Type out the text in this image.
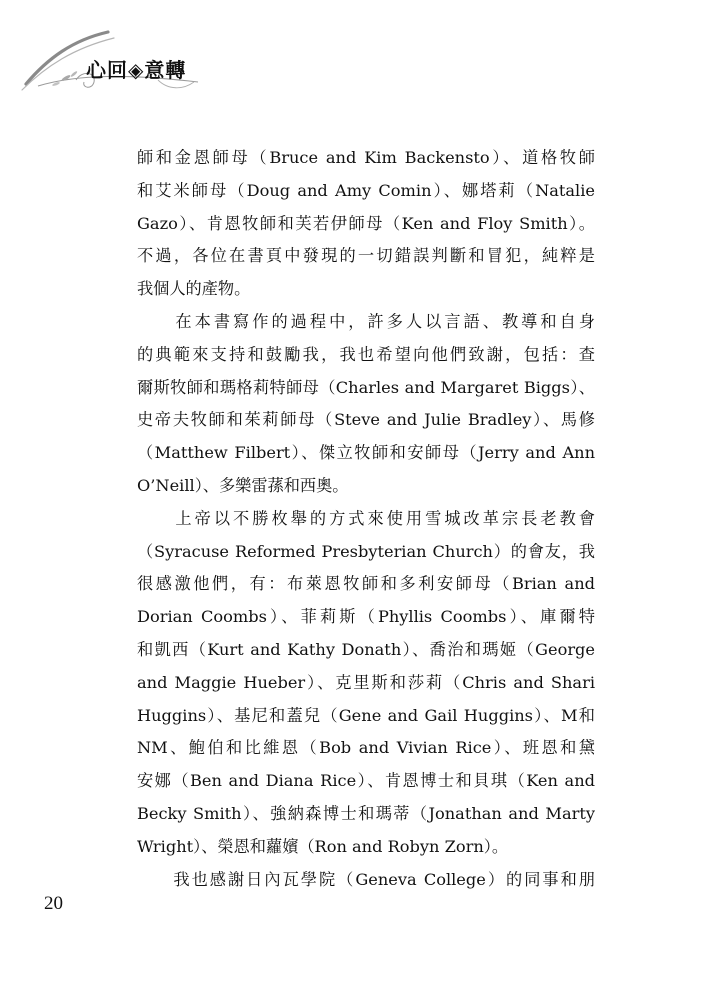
心回◈意轉
師和金恩師母（Bruce and Kim Backensto）、道格牧師
和艾米師母（Doug and Amy Comin）、娜塔莉（Natalie
Gazo）、肯恩牧師和芙若伊師母（Ken and Floy Smith）。
不過，各位在書頁中發現的一切錯誤判斷和冒犯，純粹是
我個人的產物。
　　在本書寫作的過程中，許多人以言語、教導和自身
的典範來支持和鼓勵我，我也希望向他們致謝，包括：查
爾斯牧師和瑪格莉特師母（Charles and Margaret Biggs）、
史帝夫牧師和茱莉師母（Steve and Julie Bradley）、馬修
（Matthew Filbert）、傑立牧師和安師母（Jerry and Ann
O’Neill）、多樂雷蓀和西奧。
　　上帝以不勝枚舉的方式來使用雪城改革宗長老教會
（Syracuse Reformed Presbyterian Church）的會友，我
很感激他們，有：布萊恩牧師和多利安師母（Brian and
Dorian Coombs）、菲莉斯（Phyllis Coombs）、庫爾特
和凱西（Kurt and Kathy Donath）、喬治和瑪姬（George
and Maggie Hueber）、克里斯和莎莉（Chris and Shari
Huggins）、基尼和蓋兒（Gene and Gail Huggins）、M和
NM、鮑伯和比維恩（Bob and Vivian Rice）、班恩和黛
安娜（Ben and Diana Rice）、肯恩博士和貝琪（Ken and
Becky Smith）、強納森博士和瑪蒂（Jonathan and Marty
Wright）、榮恩和蘿嬪（Ron and Robyn Zorn）。
　　我也感謝日內瓦學院（Geneva College）的同事和朋
20
